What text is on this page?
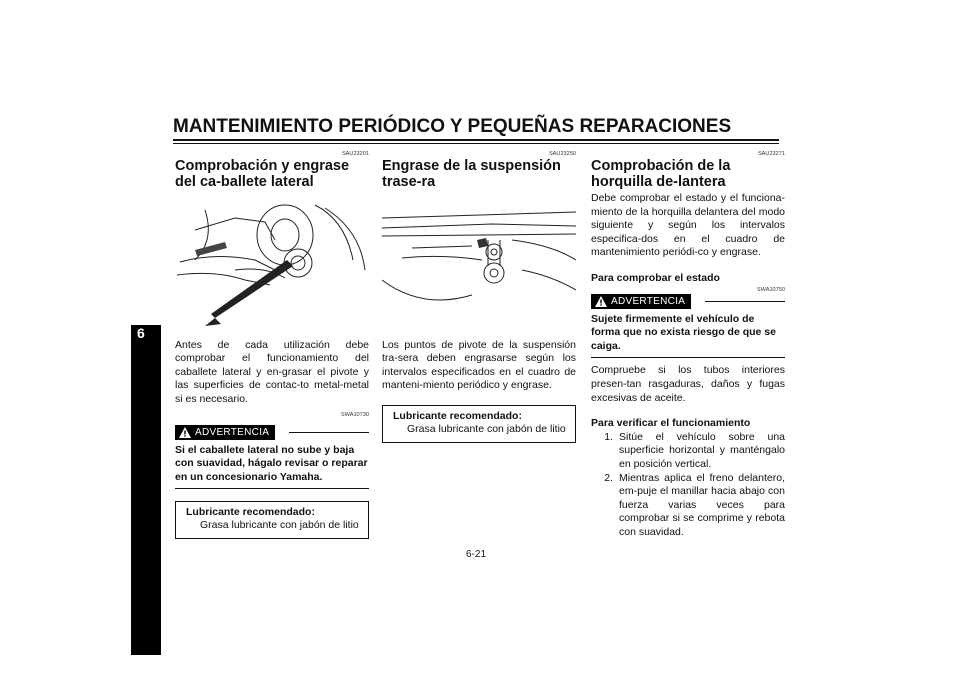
MANTENIMIENTO PERIÓDICO Y PEQUEÑAS REPARACIONES
6
SAU23201
Comprobación y engrase del ca-ballete lateral

Antes de cada utilización debe comprobar el funcionamiento del caballete lateral y en-grasar el pivote y las superficies de contac-to metal-metal si es necesario.

SWA10730
ADVERTENCIA
Si el caballete lateral no sube y baja con suavidad, hágalo revisar o reparar en un concesionario Yamaha.
Lubricante recomendado:
Grasa lubricante con jabón de litio
SAU23250
Engrase de la suspensión trase-ra

Los puntos de pivote de la suspensión tra-sera deben engrasarse según los intervalos especificados en el cuadro de manteni-miento periódico y engrase.

Lubricante recomendado:
Grasa lubricante con jabón de litio
SAU23271
Comprobación de la horquilla de-lantera

Debe comprobar el estado y el funciona-miento de la horquilla delantera del modo siguiente y según los intervalos especifica-dos en el cuadro de mantenimiento periódi-co y engrase.

Para comprobar el estado
SWA10750
ADVERTENCIA
Sujete firmemente el vehículo de forma que no exista riesgo de que se caiga.

Compruebe si los tubos interiores presen-tan rasgaduras, daños y fugas excesivas de aceite.

Para verificar el funcionamiento
1. Sitúe el vehículo sobre una superficie horizontal y manténgalo en posición vertical.
2. Mientras aplica el freno delantero, em-puje el manillar hacia abajo con fuerza varias veces para comprobar si se comprime y rebota con suavidad.
6-21
